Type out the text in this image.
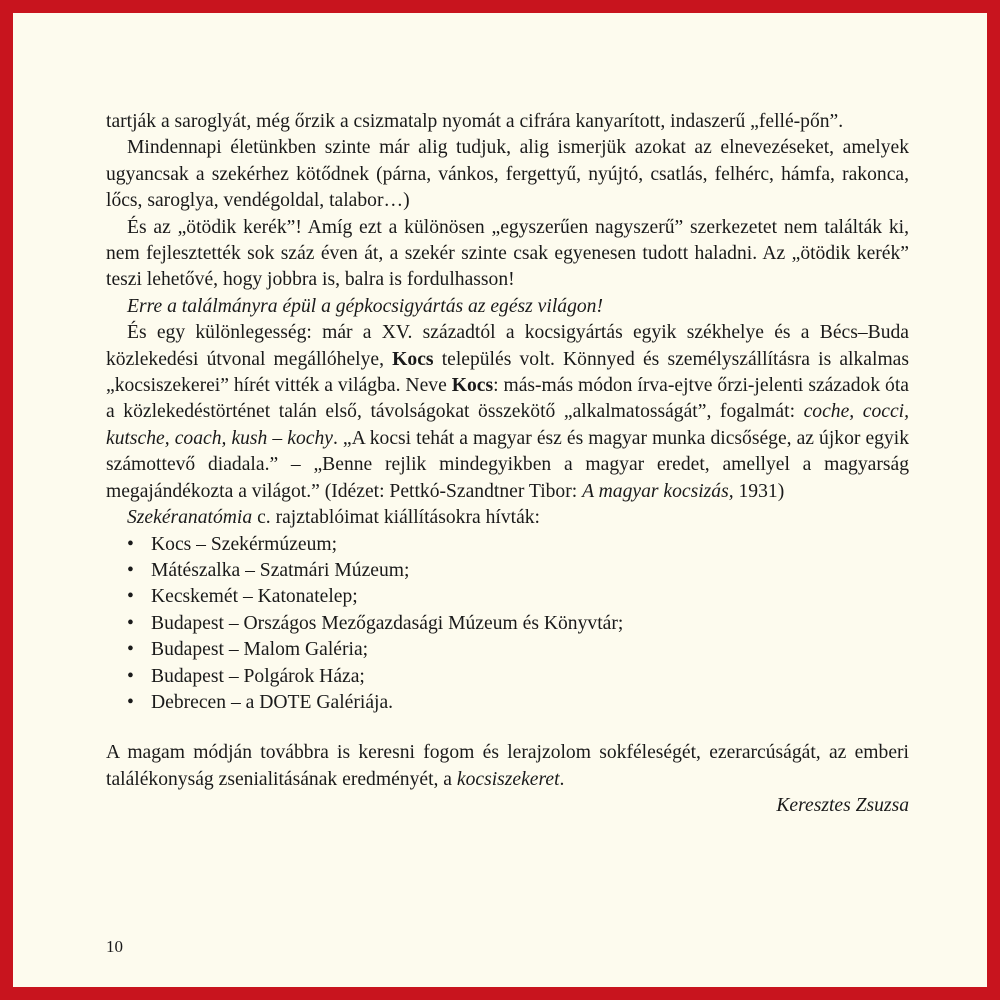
tartják a saroglyát, még őrzik a csizmatalp nyomát a cifrára kanyarított, indaszerű „fellé-pőn”.

Mindennapi életünkben szinte már alig tudjuk, alig ismerjük azokat az elnevezéseket, amelyek ugyancsak a szekérhez kötődnek (párna, vánkos, fergettyű, nyújtó, csatlás, felhérc, hámfa, rakonca, lőcs, saroglya, vendégoldal, talabor…)

És az „ötödik kerék”! Amíg ezt a különösen „egyszerűen nagyszerű” szerkezetet nem találták ki, nem fejlesztették sok száz éven át, a szekér szinte csak egyenesen tudott haladni. Az „ötödik kerék” teszi lehetővé, hogy jobbra is, balra is fordulhasson!

Erre a találmányra épül a gépkocsigyártás az egész világon!

És egy különlegesség: már a XV. századtól a kocsigyártás egyik székhelye és a Bécs–Buda közlekedési útvonal megállóhelye, Kocs település volt. Könnyed és személyszállításra is alkalmas „kocsiszekerei” hírét vitték a világba. Neve Kocs: más-más módon írva-ejtve őrzi-jelenti századok óta a közlekedéstörténet talán első, távolságokat összekötő „alkalmatosságát”, fogalmát: coche, cocci, kutsche, coach, kush – kochy. „A kocsi tehát a magyar ész és magyar munka dicsősége, az újkor egyik számottevő diadala.” – „Benne rejlik mindegyikben a magyar eredet, amellyel a magyarság megajándékozta a világot.” (Idézet: Pettkó-Szandtner Tibor: A magyar kocsizás, 1931)

Szekéranatómia c. rajztablóimat kiállításokra hívták:

• Kocs – Szekérmúzeum;
• Mátészalka – Szatmári Múzeum;
• Kecskemét – Katonatelep;
• Budapest – Országos Mezőgazdasági Múzeum és Könyvtár;
• Budapest – Malom Galéria;
• Budapest – Polgárok Háza;
• Debrecen – a DOTE Galériája.

A magam módján továbbra is keresni fogom és lerajzolom sokféleségét, ezerarcúságát, az emberi találékonyság zsenialitásának eredményét, a kocsiszekeret.

Keresztes Zsuzsa

10
